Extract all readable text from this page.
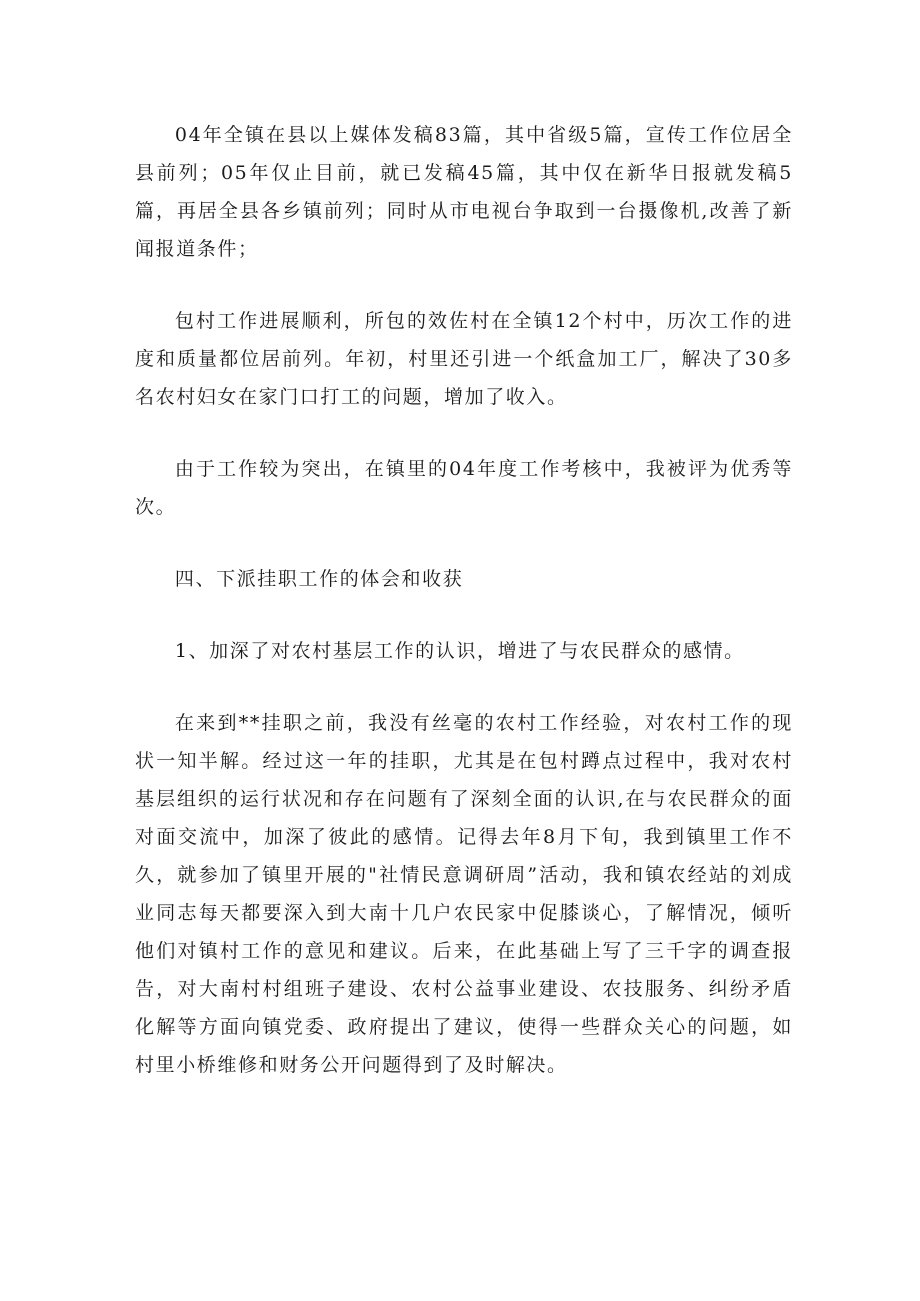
04年全镇在县以上媒体发稿83篇，其中省级5篇，宣传工作位居全县前列；05年仅止目前，就已发稿45篇，其中仅在新华日报就发稿5篇，再居全县各乡镇前列；同时从市电视台争取到一台摄像机,改善了新闻报道条件；

包村工作进展顺利，所包的效佐村在全镇12个村中，历次工作的进度和质量都位居前列。年初，村里还引进一个纸盒加工厂，解决了30多名农村妇女在家门口打工的问题，增加了收入。

由于工作较为突出，在镇里的04年度工作考核中，我被评为优秀等次。

四、下派挂职工作的体会和收获

1、加深了对农村基层工作的认识，增进了与农民群众的感情。

在来到**挂职之前，我没有丝毫的农村工作经验，对农村工作的现状一知半解。经过这一年的挂职，尤其是在包村蹲点过程中，我对农村基层组织的运行状况和存在问题有了深刻全面的认识,在与农民群众的面对面交流中，加深了彼此的感情。记得去年8月下旬，我到镇里工作不久，就参加了镇里开展的"社情民意调研周”活动，我和镇农经站的刘成业同志每天都要深入到大南十几户农民家中促膝谈心，了解情况，倾听他们对镇村工作的意见和建议。后来，在此基础上写了三千字的调查报告，对大南村村组班子建设、农村公益事业建设、农技服务、纠纷矛盾化解等方面向镇党委、政府提出了建议，使得一些群众关心的问题，如村里小桥维修和财务公开问题得到了及时解决。
